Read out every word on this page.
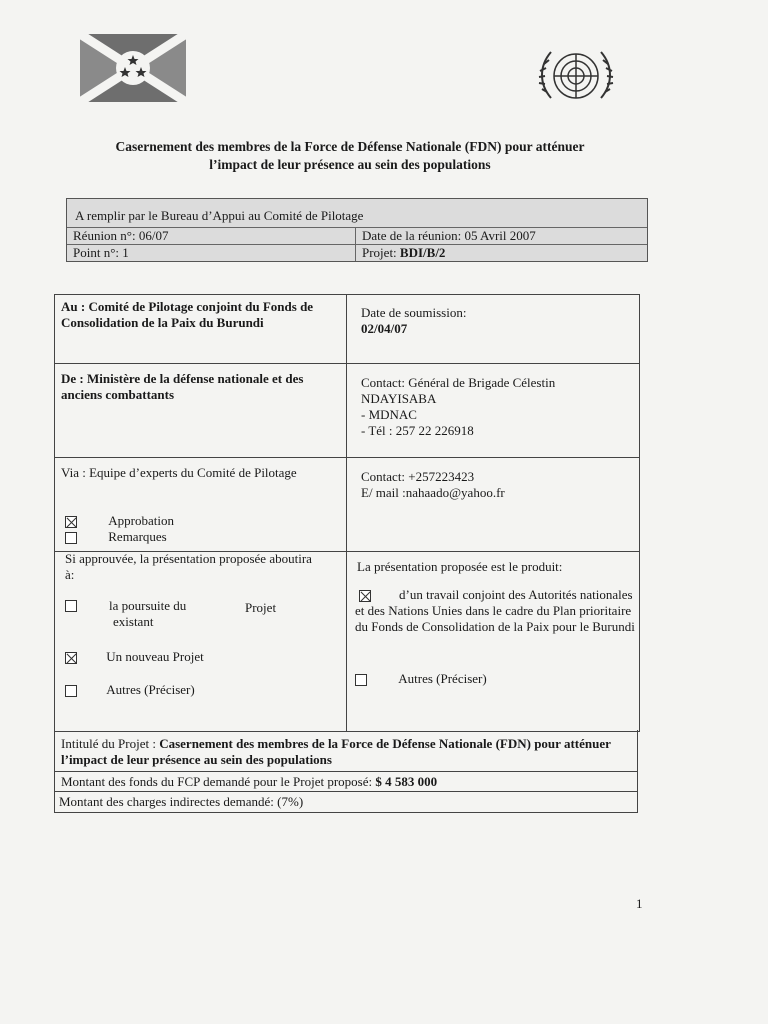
Casernement des membres de la Force de Défense Nationale (FDN) pour atténuer
l’impact de leur présence au sein des populations
A remplir par le Bureau d’Appui au Comité de Pilotage
Réunion n°: 06/07	Date de la réunion: 05 Avril 2007
Point n°: 1	Projet: BDI/B/2
Au : Comité de Pilotage conjoint du Fonds de Consolidation de la Paix du Burundi
Date de soumission:
02/04/07
De : Ministère de la défense nationale et des anciens combattants
Contact: Général de Brigade Célestin
NDAYISABA
- MDNAC
- Tél : 257 22 226918
Via : Equipe d’experts du Comité de Pilotage
Approbation
Remarques
Contact: +257223423
E/ mail :nahaado@yahoo.fr
Si approuvée, la présentation proposée aboutira à:
la poursuite du
existant
Projet
Un nouveau Projet
Autres (Préciser)
La présentation proposée est le produit:
d’un travail conjoint des Autorités nationales et des Nations Unies dans le cadre du Plan prioritaire du Fonds de Consolidation de la Paix pour le Burundi
Autres (Préciser)
Intitulé du Projet : Casernement des membres de la Force de Défense Nationale (FDN) pour atténuer l’impact de leur présence au sein des populations
Montant des fonds du FCP demandé pour le Projet proposé: $ 4 583 000
Montant des charges indirectes demandé: (7%)
1
